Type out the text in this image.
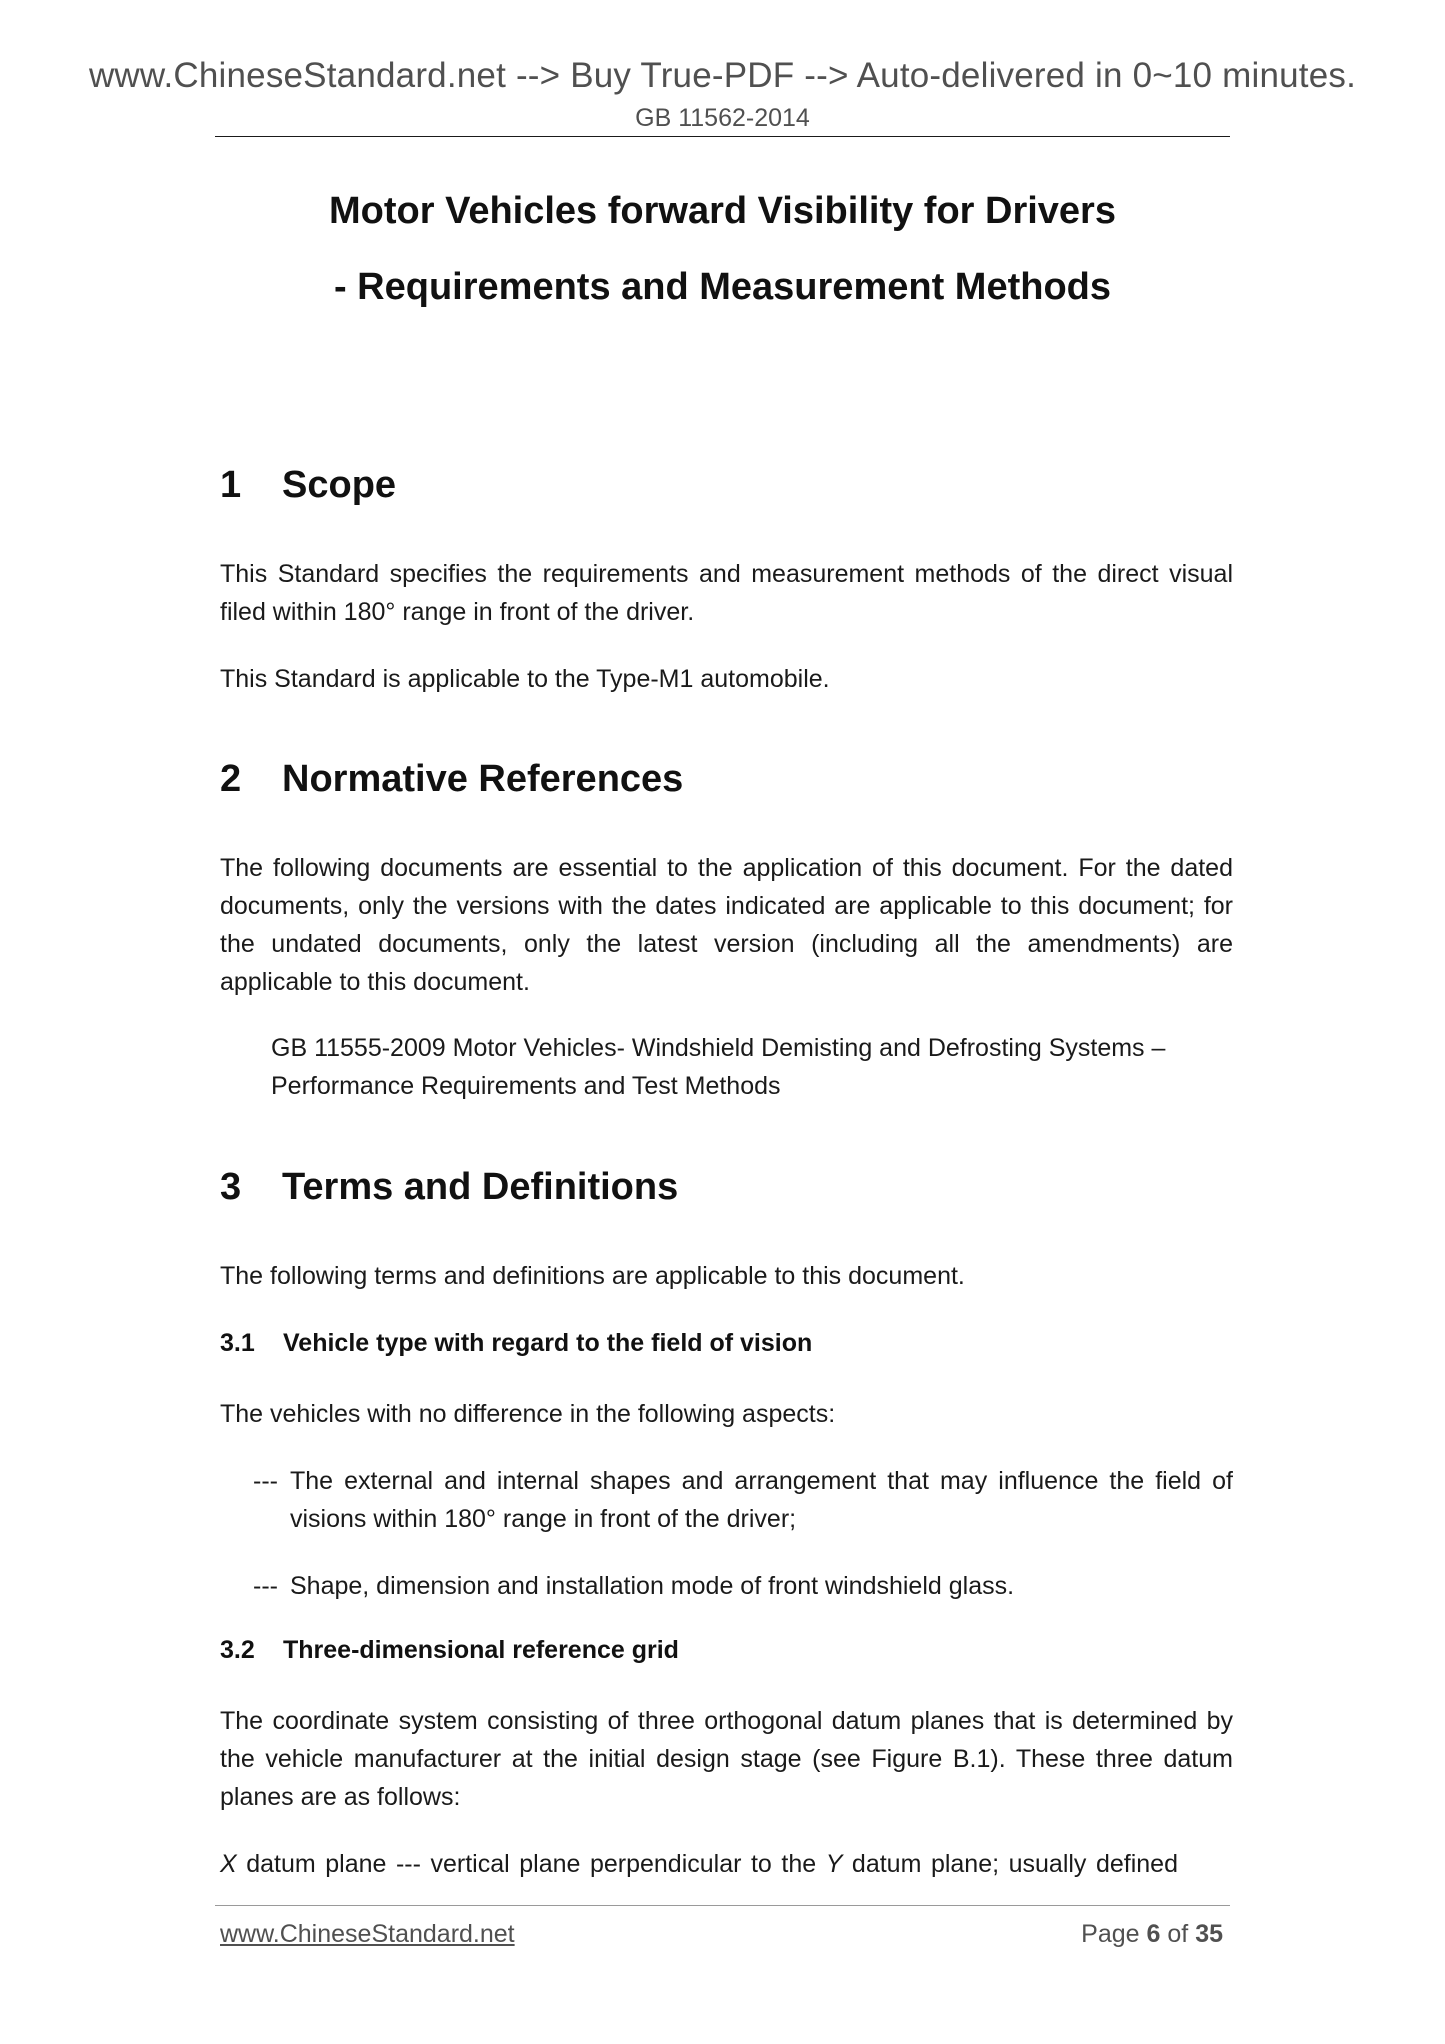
www.ChineseStandard.net --> Buy True-PDF --> Auto-delivered in 0~10 minutes.
GB 11562-2014
Motor Vehicles forward Visibility for Drivers
- Requirements and Measurement Methods
1 Scope
This Standard specifies the requirements and measurement methods of the direct visual filed within 180° range in front of the driver.
This Standard is applicable to the Type-M1 automobile.
2 Normative References
The following documents are essential to the application of this document. For the dated documents, only the versions with the dates indicated are applicable to this document; for the undated documents, only the latest version (including all the amendments) are applicable to this document.
GB 11555-2009 Motor Vehicles- Windshield Demisting and Defrosting Systems – Performance Requirements and Test Methods
3 Terms and Definitions
The following terms and definitions are applicable to this document.
3.1 Vehicle type with regard to the field of vision
The vehicles with no difference in the following aspects:
--- The external and internal shapes and arrangement that may influence the field of visions within 180° range in front of the driver;
--- Shape, dimension and installation mode of front windshield glass.
3.2 Three-dimensional reference grid
The coordinate system consisting of three orthogonal datum planes that is determined by the vehicle manufacturer at the initial design stage (see Figure B.1). These three datum planes are as follows:
X datum plane --- vertical plane perpendicular to the Y datum plane; usually defined
www.ChineseStandard.net	Page 6 of 35
